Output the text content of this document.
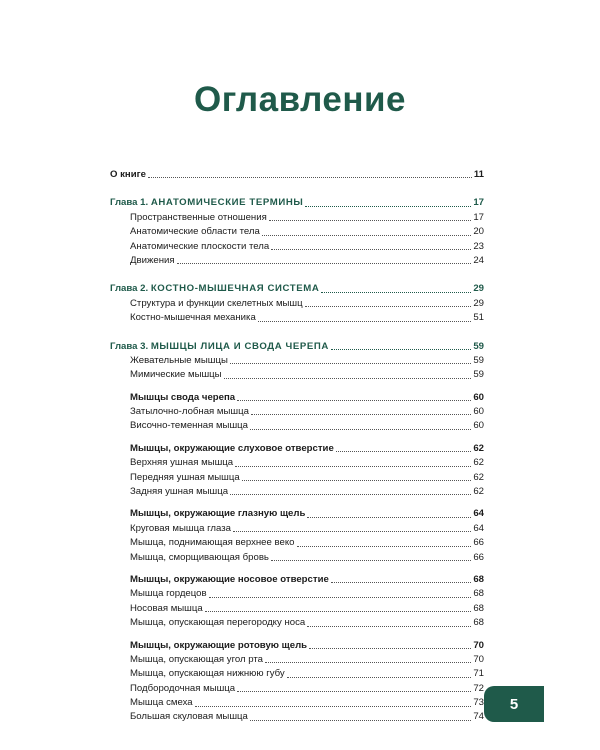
Оглавление
О книге	11
Глава 1. АНАТОМИЧЕСКИЕ ТЕРМИНЫ	17
Пространственные отношения	17
Анатомические области тела	20
Анатомические плоскости тела	23
Движения	24
Глава 2. КОСТНО-МЫШЕЧНАЯ СИСТЕМА	29
Структура и функции скелетных мышц	29
Костно-мышечная механика	51
Глава 3. МЫШЦЫ ЛИЦА И СВОДА ЧЕРЕПА	59
Жевательные мышцы	59
Мимические мышцы	59
Мышцы свода черепа	60
Затылочно-лобная мышца	60
Височно-теменная мышца	60
Мышцы, окружающие слуховое отверстие	62
Верхняя ушная мышца	62
Передняя ушная мышца	62
Задняя ушная мышца	62
Мышцы, окружающие глазную щель	64
Круговая мышца глаза	64
Мышца, поднимающая верхнее веко	66
Мышца, сморщивающая бровь	66
Мышцы, окружающие носовое отверстие	68
Мышца гордецов	68
Носовая мышца	68
Мышца, опускающая перегородку носа	68
Мышцы, окружающие ротовую щель	70
Мышца, опускающая угол рта	70
Мышца, опускающая нижнюю губу	71
Подбородочная мышца	72
Мышца смеха	73
Большая скуловая мышца	74
5
